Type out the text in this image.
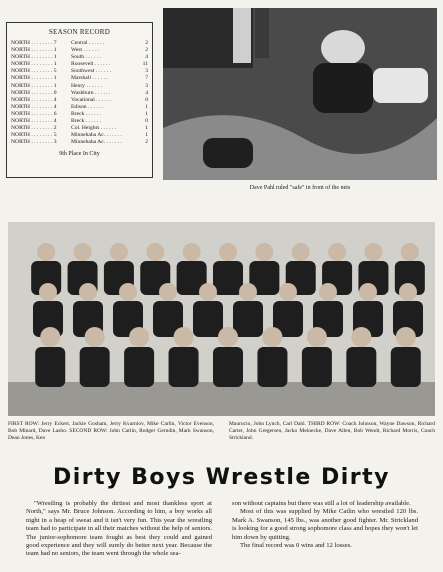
SEASON RECORD
NORTH . . . . . . . . 7	Central . . . . . .	2
NORTH . . . . . . . . 1	West . . . . . .	2
NORTH . . . . . . . . 1	South . . . . . .	4
NORTH . . . . . . . . 1	Roosevelt . . . . . .	11
NORTH . . . . . . . . 5	Southwest . . . . . .	3
NORTH . . . . . . . . 1	Marshall . . . . . .	7
NORTH . . . . . . . . 1	Henry . . . . . .	3
NORTH . . . . . . . . 0	Washburn . . . . . .	4
NORTH . . . . . . . . 4	Vocational . . . . . .	0
NORTH . . . . . . . . 4	Edison . . . . . .	1
NORTH . . . . . . . . 6	Breck . . . . . .	1
NORTH . . . . . . . . 4	Breck . . . . . .	0
NORTH . . . . . . . . 2	Col. Heights . . . . . .	1
NORTH . . . . . . . . 5	Minnehaha Ac. . . . . . .	1
NORTH . . . . . . . . 3	Minnehaha Ac. . . . . . .	2
9th Place In City
Dave Pahl ruled "safe" in front of the nets
FIRST ROW: Jerry Eckert, Jackie Gosham, Jerry Kvarnlov, Mike Carlin, Victor Evenson, Bob Minard, Dave Lasho. SECOND ROW: John Carlin, Rodger Gerndin, Mark Swanson, Dean Jones, Ken
Maurucio, John Lynch, Carl Dahl. THIRD ROW: Coach Johnson, Wayne Dawson, Richard Carter, John Gregersen, Jacko Meinecke, Dave Allen, Bob Wendt, Richard Morris, Coach Strickland.
Dirty Boys Wrestle Dirty

"Wrestling is probably the dirtiest and most thankless sport at North," says Mr. Bruce Johnson. According to him, a boy works all night in a heap of sweat and it isn't very fun. This year the wrestling team had to participate in all their matches without the help of seniors. The junior-sophomore team fought as best they could and gained good experience and they will surely do better next year. Because the team had no seniors, the team went through the whole sea-

son without captains but there was still a lot of leadership available.

Most of this was supplied by Mike Catlin who wrestled 120 lbs. Mark A. Swanson, 145 lbs., was another good fighter. Mr. Strickland is looking for a good strong sophomore class and hopes they won't let him down by quitting.

The final record was 0 wins and 12 losses.
